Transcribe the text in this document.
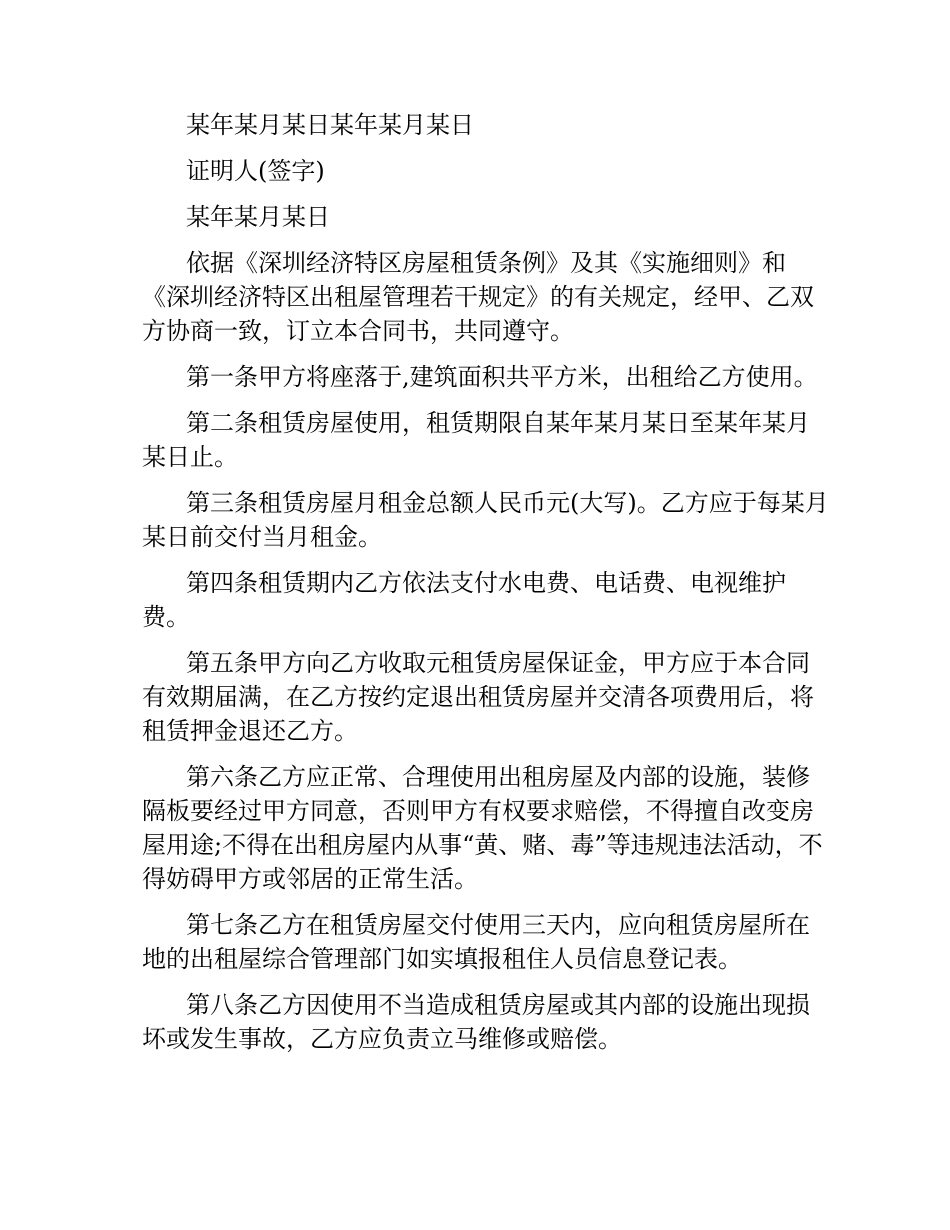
某年某月某日某年某月某日

证明人(签字)

某年某月某日

依据《深圳经济特区房屋租赁条例》及其《实施细则》和《深圳经济特区出租屋管理若干规定》的有关规定，经甲、乙双方协商一致，订立本合同书，共同遵守。

第一条甲方将座落于,建筑面积共平方米，出租给乙方使用。

第二条租赁房屋使用，租赁期限自某年某月某日至某年某月某日止。

第三条租赁房屋月租金总额人民币元(大写)。乙方应于每某月某日前交付当月租金。

第四条租赁期内乙方依法支付水电费、电话费、电视维护费。

第五条甲方向乙方收取元租赁房屋保证金，甲方应于本合同有效期届满，在乙方按约定退出租赁房屋并交清各项费用后，将租赁押金退还乙方。

第六条乙方应正常、合理使用出租房屋及内部的设施，装修隔板要经过甲方同意，否则甲方有权要求赔偿，不得擅自改变房屋用途;不得在出租房屋内从事“黄、赌、毒”等违规违法活动，不得妨碍甲方或邻居的正常生活。

第七条乙方在租赁房屋交付使用三天内，应向租赁房屋所在地的出租屋综合管理部门如实填报租住人员信息登记表。

第八条乙方因使用不当造成租赁房屋或其内部的设施出现损坏或发生事故，乙方应负责立马维修或赔偿。
